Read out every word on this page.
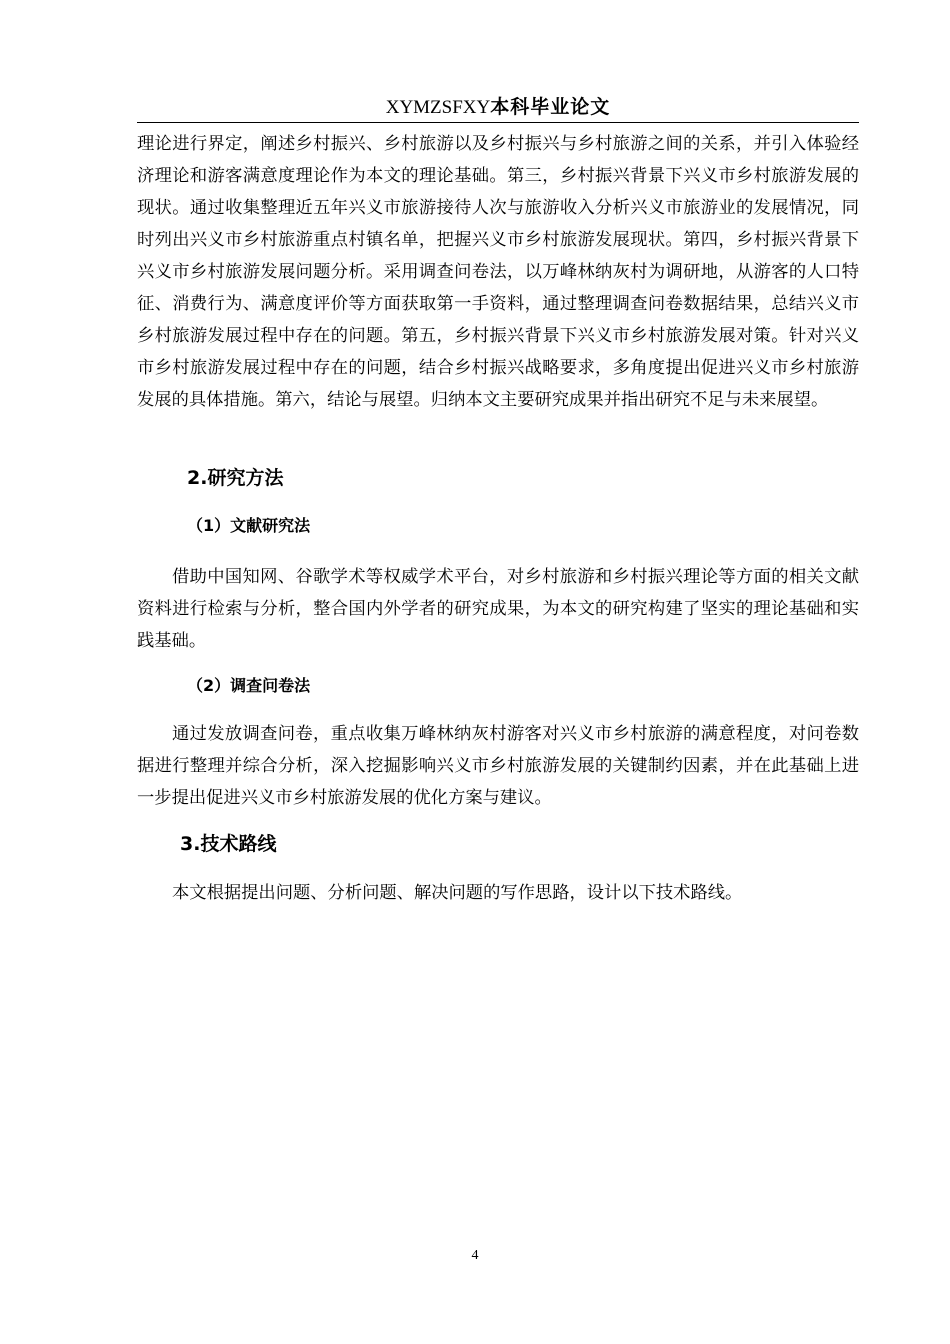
XYMZSFXY本科毕业论文

理论进行界定，阐述乡村振兴、乡村旅游以及乡村振兴与乡村旅游之间的关系，并引入体验经济理论和游客满意度理论作为本文的理论基础。第三，乡村振兴背景下兴义市乡村旅游发展的现状。通过收集整理近五年兴义市旅游接待人次与旅游收入分析兴义市旅游业的发展情况，同时列出兴义市乡村旅游重点村镇名单，把握兴义市乡村旅游发展现状。第四，乡村振兴背景下兴义市乡村旅游发展问题分析。采用调查问卷法，以万峰林纳灰村为调研地，从游客的人口特征、消费行为、满意度评价等方面获取第一手资料，通过整理调查问卷数据结果，总结兴义市乡村旅游发展过程中存在的问题。第五，乡村振兴背景下兴义市乡村旅游发展对策。针对兴义市乡村旅游发展过程中存在的问题，结合乡村振兴战略要求，多角度提出促进兴义市乡村旅游发展的具体措施。第六，结论与展望。归纳本文主要研究成果并指出研究不足与未来展望。

2.研究方法
（1）文献研究法

借助中国知网、谷歌学术等权威学术平台，对乡村旅游和乡村振兴理论等方面的相关文献资料进行检索与分析，整合国内外学者的研究成果，为本文的研究构建了坚实的理论基础和实践基础。

（2）调查问卷法

通过发放调查问卷，重点收集万峰林纳灰村游客对兴义市乡村旅游的满意程度，对问卷数据进行整理并综合分析，深入挖掘影响兴义市乡村旅游发展的关键制约因素，并在此基础上进一步提出促进兴义市乡村旅游发展的优化方案与建议。

3.技术路线

本文根据提出问题、分析问题、解决问题的写作思路，设计以下技术路线。

4
